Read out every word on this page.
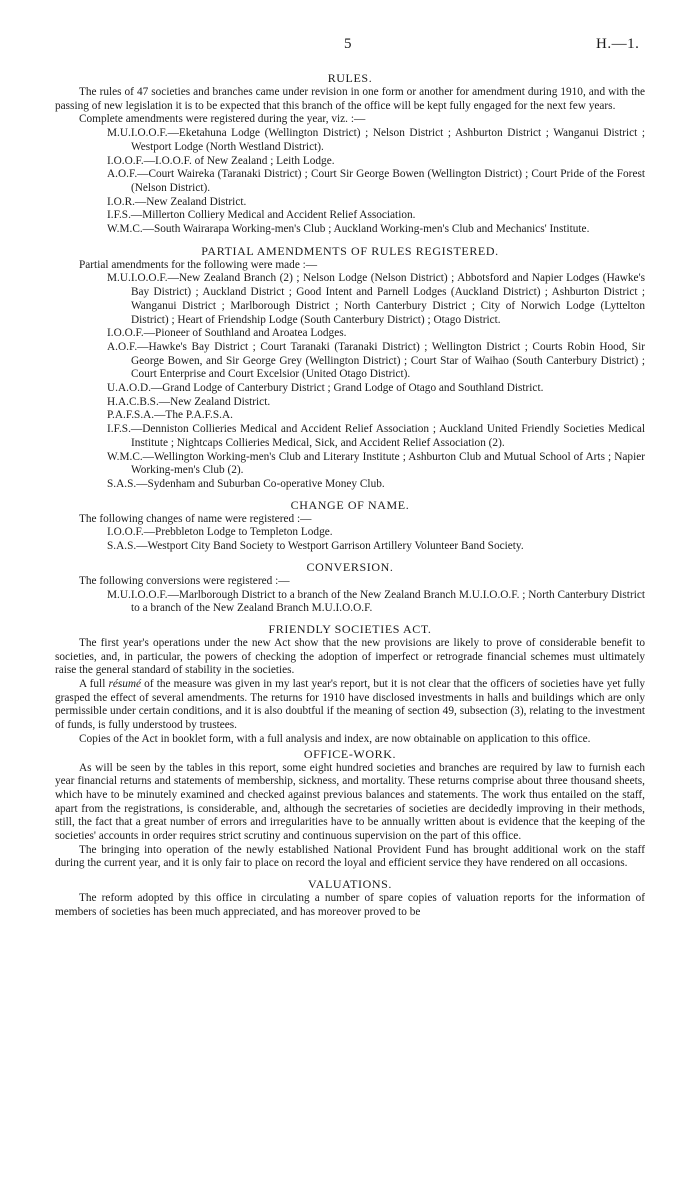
5	H.—1.
RULES.

The rules of 47 societies and branches came under revision in one form or another for amendment during 1910, and with the passing of new legislation it is to be expected that this branch of the office will be kept fully engaged for the next few years.

Complete amendments were registered during the year, viz. :—

M.U.I.O.O.F.—Eketahuna Lodge (Wellington District) ; Nelson District ; Ashburton District ; Wanganui District ; Westport Lodge (North Westland District).

I.O.O.F.—I.O.O.F. of New Zealand ; Leith Lodge.

A.O.F.—Court Waireka (Taranaki District) ; Court Sir George Bowen (Wellington District) ; Court Pride of the Forest (Nelson District).

I.O.R.—New Zealand District.

I.F.S.—Millerton Colliery Medical and Accident Relief Association.

W.M.C.—South Wairarapa Working-men's Club ; Auckland Working-men's Club and Mechanics' Institute.

PARTIAL AMENDMENTS OF RULES REGISTERED.

Partial amendments for the following were made :—

M.U.I.O.O.F.—New Zealand Branch (2) ; Nelson Lodge (Nelson District) ; Abbotsford and Napier Lodges (Hawke's Bay District) ; Auckland District ; Good Intent and Parnell Lodges (Auckland District) ; Ashburton District ; Wanganui District ; Marlborough District ; North Canterbury District ; City of Norwich Lodge (Lyttelton District) ; Heart of Friendship Lodge (South Canterbury District) ; Otago District.

I.O.O.F.—Pioneer of Southland and Aroatea Lodges.

A.O.F.—Hawke's Bay District ; Court Taranaki (Taranaki District) ; Wellington District ; Courts Robin Hood, Sir George Bowen, and Sir George Grey (Wellington District) ; Court Star of Waihao (South Canterbury District) ; Court Enterprise and Court Excelsior (United Otago District).

U.A.O.D.—Grand Lodge of Canterbury District ; Grand Lodge of Otago and Southland District.

H.A.C.B.S.—New Zealand District.

P.A.F.S.A.—The P.A.F.S.A.

I.F.S.—Denniston Collieries Medical and Accident Relief Association ; Auckland United Friendly Societies Medical Institute ; Nightcaps Collieries Medical, Sick, and Accident Relief Association (2).

W.M.C.—Wellington Working-men's Club and Literary Institute ; Ashburton Club and Mutual School of Arts ; Napier Working-men's Club (2).

S.A.S.—Sydenham and Suburban Co-operative Money Club.

CHANGE OF NAME.

The following changes of name were registered :—

I.O.O.F.—Prebbleton Lodge to Templeton Lodge.

S.A.S.—Westport City Band Society to Westport Garrison Artillery Volunteer Band Society.

CONVERSION.

The following conversions were registered :—

M.U.I.O.O.F.—Marlborough District to a branch of the New Zealand Branch M.U.I.O.O.F. ; North Canterbury District to a branch of the New Zealand Branch M.U.I.O.O.F.

FRIENDLY SOCIETIES ACT.

The first year's operations under the new Act show that the new provisions are likely to prove of considerable benefit to societies, and, in particular, the powers of checking the adoption of imperfect or retrograde financial schemes must ultimately raise the general standard of stability in the societies.

A full résumé of the measure was given in my last year's report, but it is not clear that the officers of societies have yet fully grasped the effect of several amendments. The returns for 1910 have disclosed investments in halls and buildings which are only permissible under certain conditions, and it is also doubtful if the meaning of section 49, subsection (3), relating to the investment of funds, is fully understood by trustees.

Copies of the Act in booklet form, with a full analysis and index, are now obtainable on application to this office.

OFFICE-WORK.

As will be seen by the tables in this report, some eight hundred societies and branches are required by law to furnish each year financial returns and statements of membership, sickness, and mortality. These returns comprise about three thousand sheets, which have to be minutely examined and checked against previous balances and statements. The work thus entailed on the staff, apart from the registrations, is considerable, and, although the secretaries of societies are decidedly improving in their methods, still, the fact that a great number of errors and irregularities have to be annually written about is evidence that the keeping of the societies' accounts in order requires strict scrutiny and continuous supervision on the part of this office.

The bringing into operation of the newly established National Provident Fund has brought additional work on the staff during the current year, and it is only fair to place on record the loyal and efficient service they have rendered on all occasions.

VALUATIONS.

The reform adopted by this office in circulating a number of spare copies of valuation reports for the information of members of societies has been much appreciated, and has moreover proved to be
